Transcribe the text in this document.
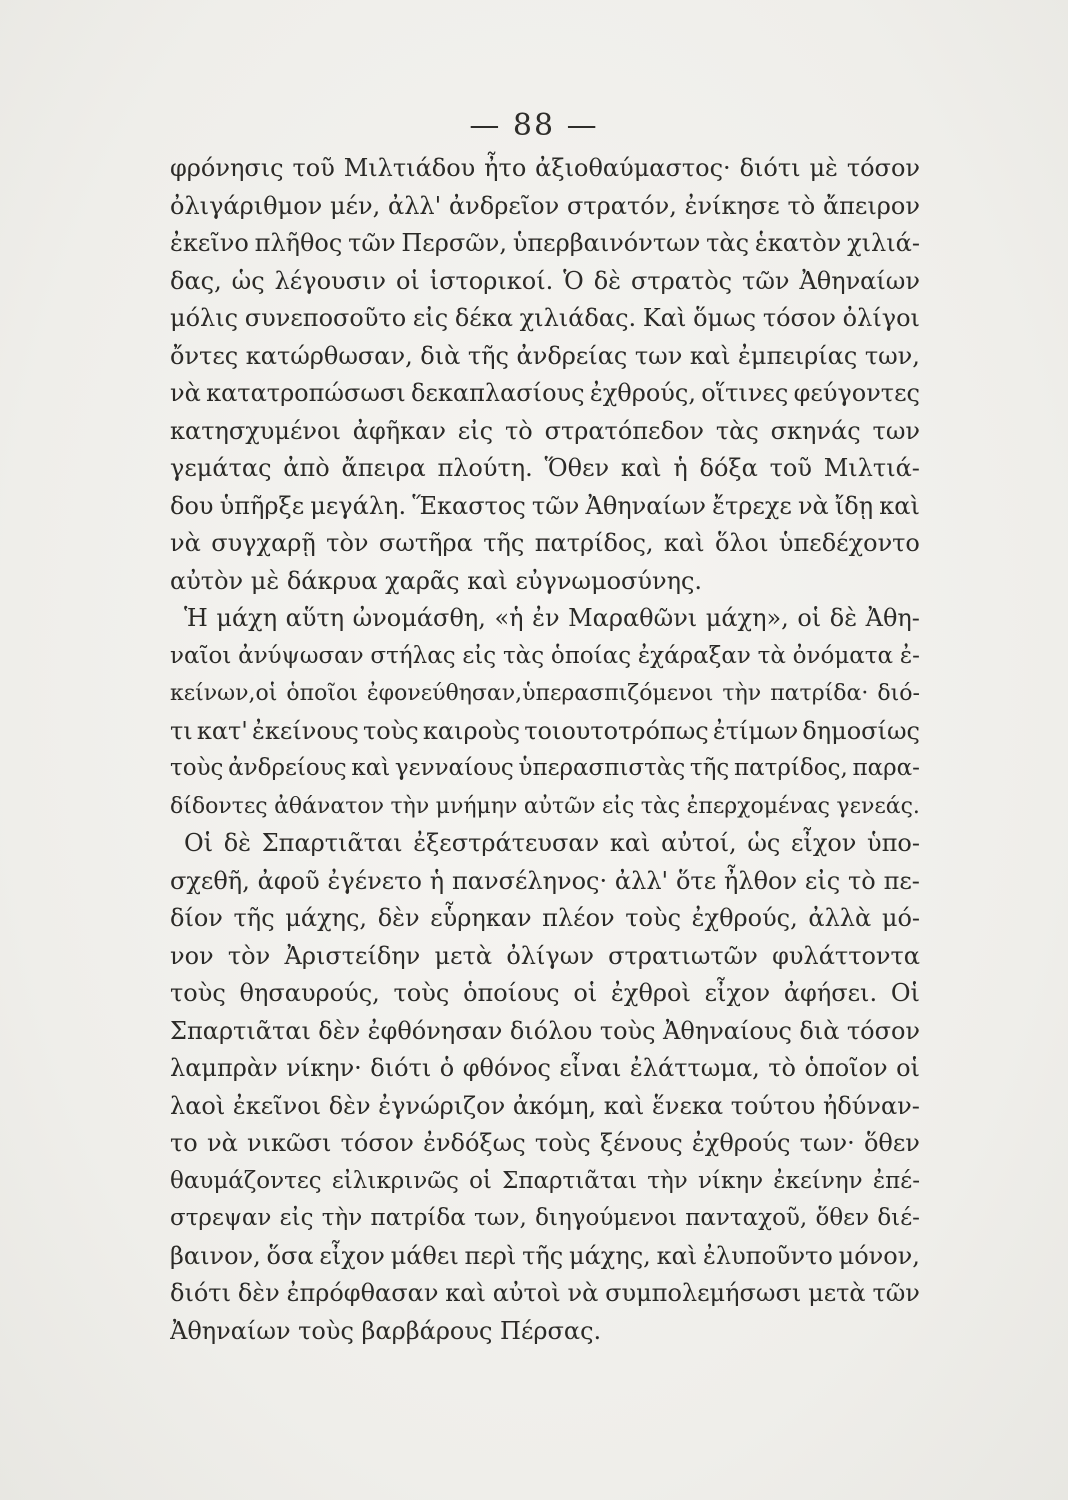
— 88 —
φρόνησις τοῦ Μιλτιάδου ἦτο ἀξιοθαύμαστος· διότι μὲ τόσον
ὀλιγάριθμον μέν, ἀλλ' ἀνδρεῖον στρατόν, ἐνίκησε τὸ ἄπειρον
ἐκεῖνο πλῆθος τῶν Περσῶν, ὑπερβαινόντων τὰς ἑκατὸν χιλιά-
δας, ὡς λέγουσιν οἱ ἱστορικοί. Ὁ δὲ στρατὸς τῶν Ἀθηναίων
μόλις συνεποσοῦτο εἰς δέκα χιλιάδας. Καὶ ὅμως τόσον ὀλίγοι
ὄντες κατώρθωσαν, διὰ τῆς ἀνδρείας των καὶ ἐμπειρίας των,
νὰ κατατροπώσωσι δεκαπλασίους ἐχθρούς, οἵτινες φεύγοντες
κατησχυμένοι ἀφῆκαν εἰς τὸ στρατόπεδον τὰς σκηνάς των
γεμάτας ἀπὸ ἄπειρα πλούτη. Ὅθεν καὶ ἡ δόξα τοῦ Μιλτιά-
δου ὑπῆρξε μεγάλη. Ἕκαστος τῶν Ἀθηναίων ἔτρεχε νὰ ἴδῃ καὶ
νὰ συγχαρῇ τὸν σωτῆρα τῆς πατρίδος, καὶ ὅλοι ὑπεδέχοντο
αὐτὸν μὲ δάκρυα χαρᾶς καὶ εὐγνωμοσύνης.
Ἡ μάχη αὕτη ὠνομάσθη, «ἡ ἐν Μαραθῶνι μάχη», οἱ δὲ Ἀθη-
ναῖοι ἀνύψωσαν στήλας εἰς τὰς ὁποίας ἐχάραξαν τὰ ὀνόματα ἐ-
κείνων,οἱ ὁποῖοι ἐφονεύθησαν,ὑπερασπιζόμενοι τὴν πατρίδα· διό-
τι κατ' ἐκείνους τοὺς καιροὺς τοιουτοτρόπως ἐτίμων δημοσίως
τοὺς ἀνδρείους καὶ γενναίους ὑπερασπιστὰς τῆς πατρίδος, παρα-
δίδοντες ἀθάνατον τὴν μνήμην αὐτῶν εἰς τὰς ἐπερχομένας γενεάς.
Οἱ δὲ Σπαρτιᾶται ἐξεστράτευσαν καὶ αὐτοί, ὡς εἶχον ὑπο-
σχεθῆ, ἀφοῦ ἐγένετο ἡ πανσέληνος· ἀλλ' ὅτε ἦλθον εἰς τὸ πε-
δίον τῆς μάχης, δὲν εὗρηκαν πλέον τοὺς ἐχθρούς, ἀλλὰ μό-
νον τὸν Ἀριστείδην μετὰ ὀλίγων στρατιωτῶν φυλάττοντα
τοὺς θησαυρούς, τοὺς ὁποίους οἱ ἐχθροὶ εἶχον ἀφήσει. Οἱ
Σπαρτιᾶται δὲν ἐφθόνησαν διόλου τοὺς Ἀθηναίους διὰ τόσον
λαμπρὰν νίκην· διότι ὁ φθόνος εἶναι ἐλάττωμα, τὸ ὁποῖον οἱ
λαοὶ ἐκεῖνοι δὲν ἐγνώριζον ἀκόμη, καὶ ἕνεκα τούτου ἠδύναν-
το νὰ νικῶσι τόσον ἐνδόξως τοὺς ξένους ἐχθρούς των· ὅθεν
θαυμάζοντες εἰλικρινῶς οἱ Σπαρτιᾶται τὴν νίκην ἐκείνην ἐπέ-
στρεψαν εἰς τὴν πατρίδα των, διηγούμενοι πανταχοῦ, ὅθεν διέ-
βαινον, ὅσα εἶχον μάθει περὶ τῆς μάχης, καὶ ἐλυποῦντο μόνον,
διότι δὲν ἐπρόφθασαν καὶ αὐτοὶ νὰ συμπολεμήσωσι μετὰ τῶν
Ἀθηναίων τοὺς βαρβάρους Πέρσας.
